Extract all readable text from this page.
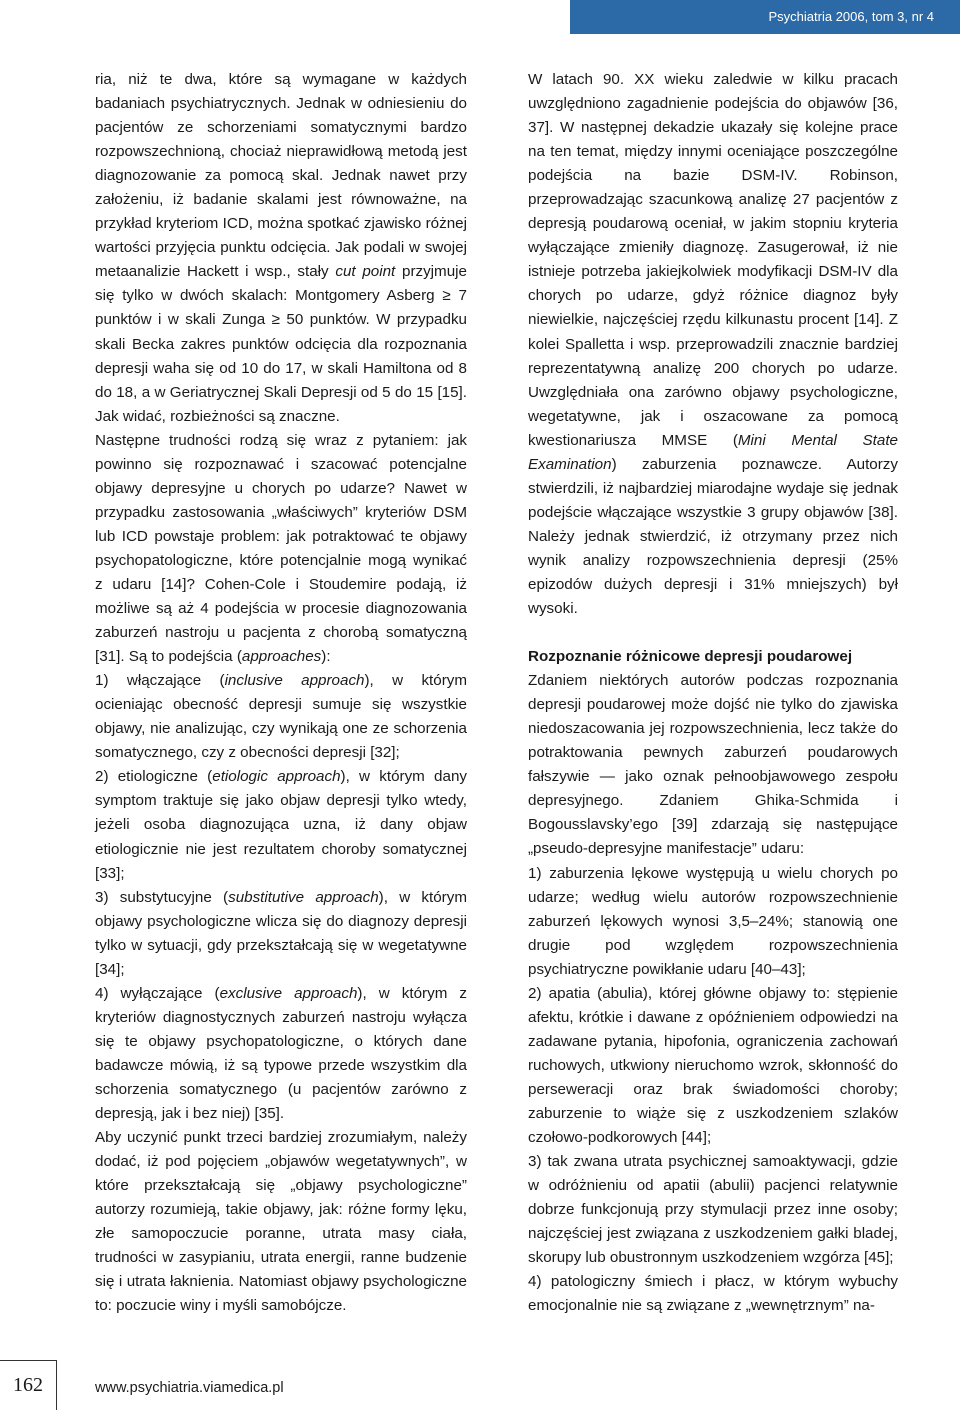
Psychiatria 2006, tom 3, nr 4

ria, niż te dwa, które są wymagane w każdych badaniach psychiatrycznych. Jednak w odniesieniu do pacjentów ze schorzeniami somatycznymi bardzo rozpowszechnioną, chociaż nieprawidłową metodą jest diagnozowanie za pomocą skal. Jednak nawet przy założeniu, iż badanie skalami jest równoważne, na przykład kryteriom ICD, można spotkać zjawisko różnej wartości przyjęcia punktu odcięcia. Jak podali w swojej metaanalizie Hackett i wsp., stały cut point przyjmuje się tylko w dwóch skalach: Montgomery Asberg ≥ 7 punktów i w skali Zunga ≥ 50 punktów. W przypadku skali Becka zakres punktów odcięcia dla rozpoznania depresji waha się od 10 do 17, w skali Hamiltona od 8 do 18, a w Geriatrycznej Skali Depresji od 5 do 15 [15]. Jak widać, rozbieżności są znaczne.

Następne trudności rodzą się wraz z pytaniem: jak powinno się rozpoznawać i szacować potencjalne objawy depresyjne u chorych po udarze? Nawet w przypadku zastosowania „właściwych” kryteriów DSM lub ICD powstaje problem: jak potraktować te objawy psychopatologiczne, które potencjalnie mogą wynikać z udaru [14]? Cohen-Cole i Stoudemire podają, iż możliwe są aż 4 podejścia w procesie diagnozowania zaburzeń nastroju u pacjenta z chorobą somatyczną [31]. Są to podejścia (approaches):

1) włączające (inclusive approach), w którym ocieniając obecność depresji sumuje się wszystkie objawy, nie analizując, czy wynikają one ze schorzenia somatycznego, czy z obecności depresji [32];

2) etiologiczne (etiologic approach), w którym dany symptom traktuje się jako objaw depresji tylko wtedy, jeżeli osoba diagnozująca uzna, iż dany objaw etiologicznie nie jest rezultatem choroby somatycznej [33];

3) substytucyjne (substitutive approach), w którym objawy psychologiczne wlicza się do diagnozy depresji tylko w sytuacji, gdy przekształcają się w wegetatywne [34];

4) wyłączające (exclusive approach), w którym z kryteriów diagnostycznych zaburzeń nastroju wyłącza się te objawy psychopatologiczne, o których dane badawcze mówią, iż są typowe przede wszystkim dla schorzenia somatycznego (u pacjentów zarówno z depresją, jak i bez niej) [35].

Aby uczynić punkt trzeci bardziej zrozumiałym, należy dodać, iż pod pojęciem „objawów wegetatywnych”, w które przekształcają się „objawy psychologiczne” autorzy rozumieją, takie objawy, jak: różne formy lęku, złe samopoczucie poranne, utrata masy ciała, trudności w zasypianiu, utrata energii, ranne budzenie się i utrata łaknienia. Natomiast objawy psychologiczne to: poczucie winy i myśli samobójcze.

W latach 90. XX wieku zaledwie w kilku pracach uwzględniono zagadnienie podejścia do objawów [36, 37]. W następnej dekadzie ukazały się kolejne prace na ten temat, między innymi oceniające poszczególne podejścia na bazie DSM-IV. Robinson, przeprowadzając szacunkową analizę 27 pacjentów z depresją poudarową oceniał, w jakim stopniu kryteria wyłączające zmieniły diagnozę. Zasugerował, iż nie istnieje potrzeba jakiejkolwiek modyfikacji DSM-IV dla chorych po udarze, gdyż różnice diagnoz były niewielkie, najczęściej rzędu kilkunastu procent [14]. Z kolei Spalletta i wsp. przeprowadzili znacznie bardziej reprezentatywną analizę 200 chorych po udarze. Uwzględniała ona zarówno objawy psychologiczne, wegetatywne, jak i oszacowane za pomocą kwestionariusza MMSE (Mini Mental State Examination) zaburzenia poznawcze. Autorzy stwierdzili, iż najbardziej miarodajne wydaje się jednak podejście włączające wszystkie 3 grupy objawów [38]. Należy jednak stwierdzić, iż otrzymany przez nich wynik analizy rozpowszechnienia depresji (25% epizodów dużych depresji i 31% mniejszych) był wysoki.

Rozpoznanie różnicowe depresji poudarowej

Zdaniem niektórych autorów podczas rozpoznania depresji poudarowej może dojść nie tylko do zjawiska niedoszacowania jej rozpowszechnienia, lecz także do potraktowania pewnych zaburzeń poudarowych fałszywie — jako oznak pełnoobjawowego zespołu depresyjnego. Zdaniem Ghika-Schmida i Bogousslavsky’ego [39] zdarzają się następujące „pseudo-depresyjne manifestacje” udaru:

1) zaburzenia lękowe występują u wielu chorych po udarze; według wielu autorów rozpowszechnienie zaburzeń lękowych wynosi 3,5–24%; stanowią one drugie pod względem rozpowszechnienia psychiatryczne powikłanie udaru [40–43];

2) apatia (abulia), której główne objawy to: stępienie afektu, krótkie i dawane z opóźnieniem odpowiedzi na zadawane pytania, hipofonia, ograniczenia zachowań ruchowych, utkwiony nieruchomo wzrok, skłonność do perseweracji oraz brak świadomości choroby; zaburzenie to wiąże się z uszkodzeniem szlaków czołowo-podkorowych [44];

3) tak zwana utrata psychicznej samoaktywacji, gdzie w odróżnieniu od apatii (abulii) pacjenci relatywnie dobrze funkcjonują przy stymulacji przez inne osoby; najczęściej jest związana z uszkodzeniem gałki bladej, skorupy lub obustronnym uszkodzeniem wzgórza [45];

4) patologiczny śmiech i płacz, w którym wybuchy emocjonalnie nie są związane z „wewnętrznym” na-

162	www.psychiatria.viamedica.pl
